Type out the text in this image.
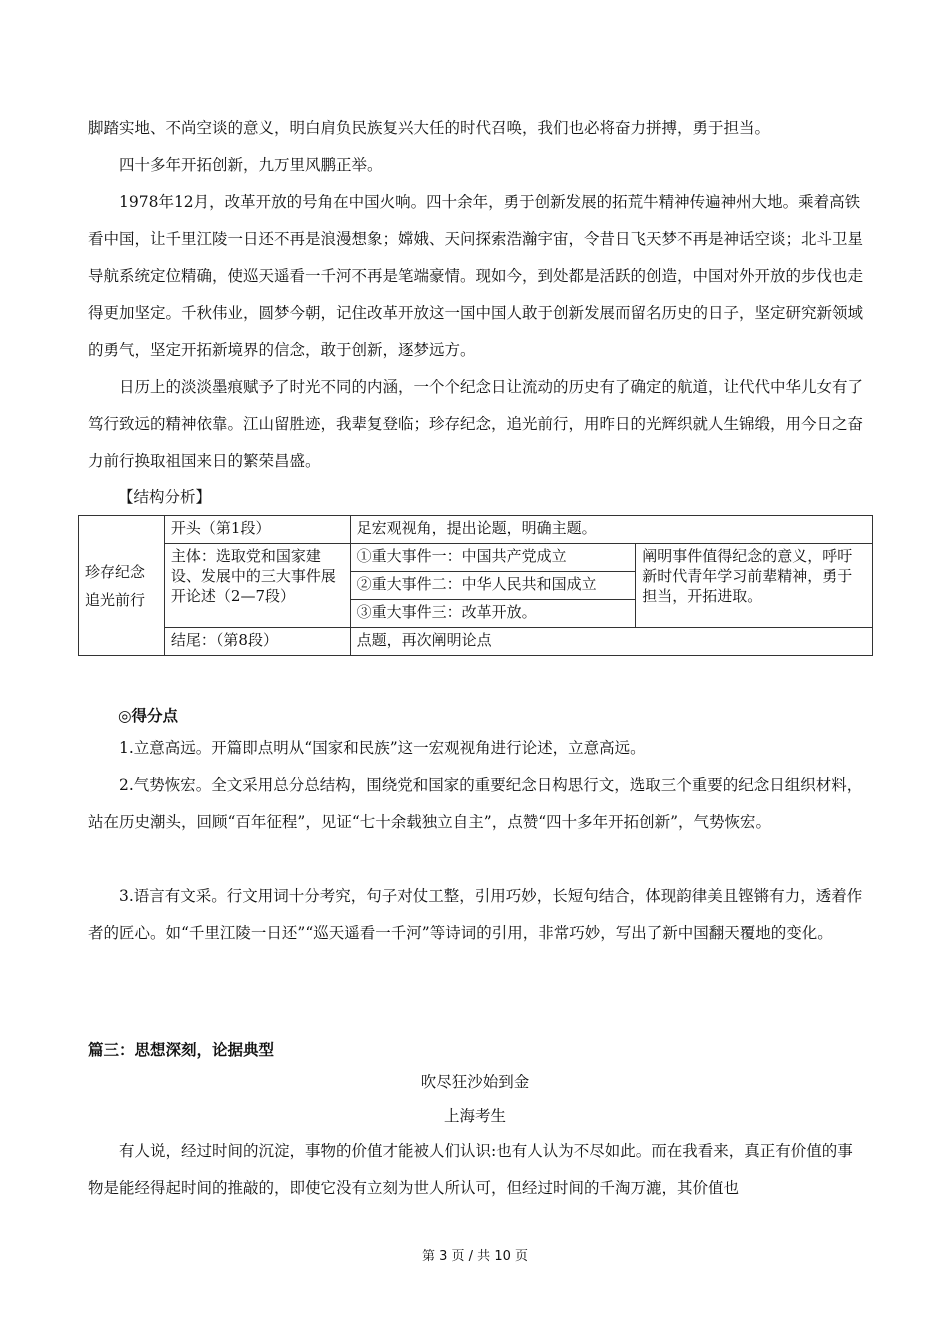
脚踏实地、不尚空谈的意义，明白肩负民族复兴大任的时代召唤，我们也必将奋力拼搏，勇于担当。

四十多年开拓创新，九万里风鹏正举。

1978年12月，改革开放的号角在中国火响。四十余年，勇于创新发展的拓荒牛精神传遍神州大地。乘着高铁看中国，让千里江陵一日还不再是浪漫想象；嫦娥、天问探索浩瀚宇宙，令昔日飞天梦不再是神话空谈；北斗卫星导航系统定位精确，使巡天遥看一千河不再是笔端豪情。现如今，到处都是活跃的创造，中国对外开放的步伐也走得更加坚定。千秋伟业，圆梦今朝，记住改革开放这一国中国人敢于创新发展而留名历史的日子，坚定研究新领域的勇气，坚定开拓新境界的信念，敢于创新，逐梦远方。

日历上的淡淡墨痕赋予了时光不同的内涵，一个个纪念日让流动的历史有了确定的航道，让代代中华儿女有了笃行致远的精神依靠。江山留胜迹，我辈复登临；珍存纪念，追光前行，用昨日的光辉织就人生锦缎，用今日之奋力前行换取祖国来日的繁荣昌盛。

【结构分析】

珍存纪念追光前行	开头（第1段）	足宏观视角，提出论题，明确主题。	
	主体：选取党和国家建设、发展中的三大事件展开论述（2—7段）	①重大事件一：中国共产党成立	阐明事件值得纪念的意义，呼吁新时代青年学习前辈精神，勇于担当，开拓进取。
		②重大事件二：中华人民共和国成立	
		③重大事件三：改革开放。	
	结尾：（第8段）	点题，再次阐明论点	

◎得分点

1.立意高远。开篇即点明从“国家和民族”这一宏观视角进行论述，立意高远。

2.气势恢宏。全文采用总分总结构，围绕党和国家的重要纪念日构思行文，选取三个重要的纪念日组织材料，站在历史潮头，回顾“百年征程”，见证“七十余载独立自主”，点赞“四十多年开拓创新”，气势恢宏。

3.语言有文采。行文用词十分考究，句子对仗工整，引用巧妙，长短句结合，体现韵律美且铿锵有力，透着作者的匠心。如“千里江陵一日还”“巡天遥看一千河”等诗词的引用，非常巧妙，写出了新中国翻天覆地的变化。

篇三：思想深刻，论据典型

吹尽狂沙始到金

上海考生

有人说，经过时间的沉淀，事物的价值才能被人们认识:也有人认为不尽如此。而在我看来，真正有价值的事物是能经得起时间的推敲的，即使它没有立刻为世人所认可，但经过时间的千淘万漉，其价值也

第 3 页 / 共 10 页
